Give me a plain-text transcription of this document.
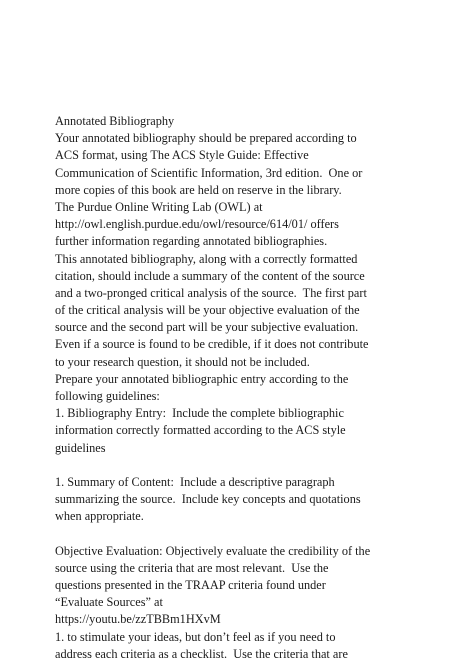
Annotated Bibliography
Your annotated bibliography should be prepared according to
ACS format, using The ACS Style Guide: Effective
Communication of Scientific Information, 3rd edition.  One or
more copies of this book are held on reserve in the library.
The Purdue Online Writing Lab (OWL) at
http://owl.english.purdue.edu/owl/resource/614/01/ offers
further information regarding annotated bibliographies.
This annotated bibliography, along with a correctly formatted
citation, should include a summary of the content of the source
and a two-pronged critical analysis of the source.  The first part
of the critical analysis will be your objective evaluation of the
source and the second part will be your subjective evaluation.
Even if a source is found to be credible, if it does not contribute
to your research question, it should not be included.
Prepare your annotated bibliographic entry according to the
following guidelines:
1. Bibliography Entry:  Include the complete bibliographic
information correctly formatted according to the ACS style
guidelines
1. Summary of Content:  Include a descriptive paragraph
summarizing the source.  Include key concepts and quotations
when appropriate.
Objective Evaluation: Objectively evaluate the credibility of the
source using the criteria that are most relevant.  Use the
questions presented in the TRAAP criteria found under
“Evaluate Sources” at
https://youtu.be/zzTBBm1HXvM
1. to stimulate your ideas, but don’t feel as if you need to
address each criteria as a checklist.  Use the criteria that are
